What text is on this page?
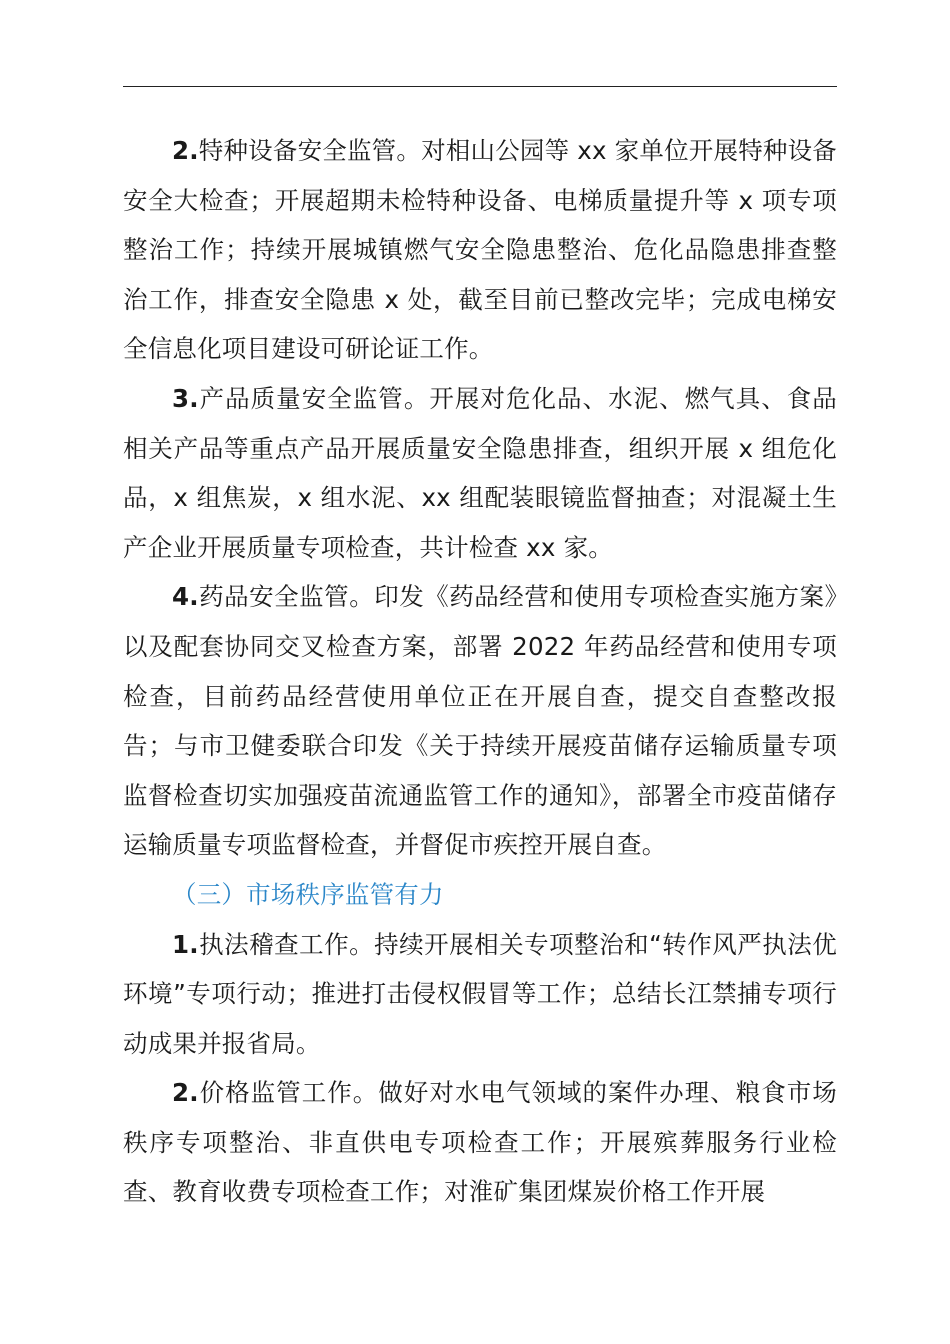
2.特种设备安全监管。对相山公园等 xx 家单位开展特种设备安全大检查；开展超期未检特种设备、电梯质量提升等 x 项专项整治工作；持续开展城镇燃气安全隐患整治、危化品隐患排查整治工作，排查安全隐患 x 处，截至目前已整改完毕；完成电梯安全信息化项目建设可研论证工作。

3.产品质量安全监管。开展对危化品、水泥、燃气具、食品相关产品等重点产品开展质量安全隐患排查，组织开展 x 组危化品，x 组焦炭，x 组水泥、xx 组配装眼镜监督抽查；对混凝土生产企业开展质量专项检查，共计检查 xx 家。

4.药品安全监管。印发《药品经营和使用专项检查实施方案》以及配套协同交叉检查方案，部署 2022 年药品经营和使用专项检查，目前药品经营使用单位正在开展自查，提交自查整改报告；与市卫健委联合印发《关于持续开展疫苗储存运输质量专项监督检查切实加强疫苗流通监管工作的通知》，部署全市疫苗储存运输质量专项监督检查，并督促市疾控开展自查。

（三）市场秩序监管有力

1.执法稽查工作。持续开展相关专项整治和“转作风严执法优环境”专项行动；推进打击侵权假冒等工作；总结长江禁捕专项行动成果并报省局。

2.价格监管工作。做好对水电气领域的案件办理、粮食市场秩序专项整治、非直供电专项检查工作；开展殡葬服务行业检查、教育收费专项检查工作；对淮矿集团煤炭价格工作开展
